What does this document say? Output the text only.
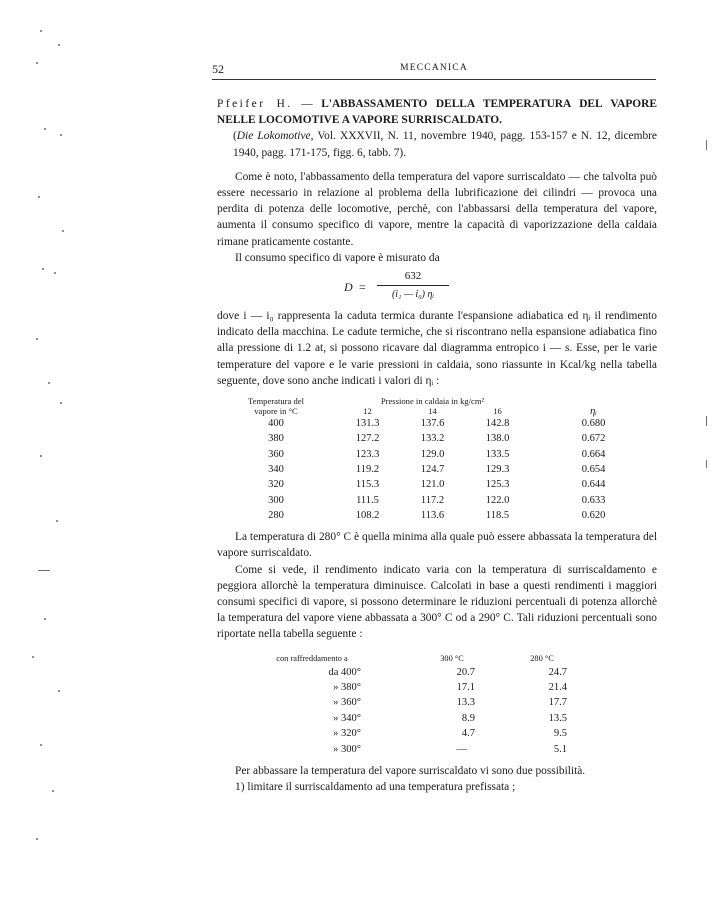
52	MECCANICA

Pfeifer H. — L'ABBASSAMENTO DELLA TEMPERATURA DEL VAPORE NELLE LOCOMOTIVE A VAPORE SURRISCALDATO.

(Die Lokomotive, Vol. XXXVII, N. 11, novembre 1940, pagg. 153-157 e N. 12, dicembre 1940, pagg. 171-175, figg. 6, tabb. 7).

Come è noto, l'abbassamento della temperatura del vapore surriscaldato — che talvolta può essere necessario in relazione al problema della lubrificazione dei cilindri — provoca una perdita di potenza delle locomotive, perchè, con l'abbassarsi della temperatura del vapore, aumenta il consumo specifico di vapore, mentre la capacità di vaporizzazione della caldaia rimane praticamente costante.

Il consumo specifico di vapore è misurato da

D =
632
(i₁ — i₀) ηᵢ

dove i — i₀ rappresenta la caduta termica durante l'espansione adiabatica ed ηᵢ il rendimento indicato della macchina. Le cadute termiche, che si riscontrano nella espansione adiabatica fino alla pressione di 1.2 at, si possono ricavare dal diagramma entropico i — s. Esse, per le varie temperature del vapore e le varie pressioni in caldaia, sono riassunte in Kcal/kg nella tabella seguente, dove sono anche indicati i valori di ηᵢ :

Temperatura del
vapore in °C	Pressione in caldaia in kg/cm²
12 14 16			ηᵢ
400	131.3	137.6	142.8	0.680
380	127.2	133.2	138.0	0.672
360	123.3	129.0	133.5	0.664
340	119.2	124.7	129.3	0.654
320	115.3	121.0	125.3	0.644
300	111.5	117.2	122.0	0.633
280	108.2	113.6	118.5	0.620

La temperatura di 280° C è quella minima alla quale può essere abbassata la temperatura del vapore surriscaldato.

Come si vede, il rendimento indicato varia con la temperatura di surriscaldamento e peggiora allorchè la temperatura diminuisce. Calcolati in base a questi rendimenti i maggiori consumi specifici di vapore, si possono determinare le riduzioni percentuali di potenza allorchè la temperatura del vapore viene abbassata a 300° C od a 290° C. Tali riduzioni percentuali sono riportate nella tabella seguente :

con raffreddamento a	300 °C	280 °C	
da 400°	20.7	24.7	
» 380°	17.1	21.4	
» 360°	13.3	17.7	
» 340°	8.9	13.5	
» 320°	4.7	9.5	
» 300°	—	5.1	

Per abbassare la temperatura del vapore surriscaldato vi sono due possibilità.

1) limitare il surriscaldamento ad una temperatura prefissata ;
